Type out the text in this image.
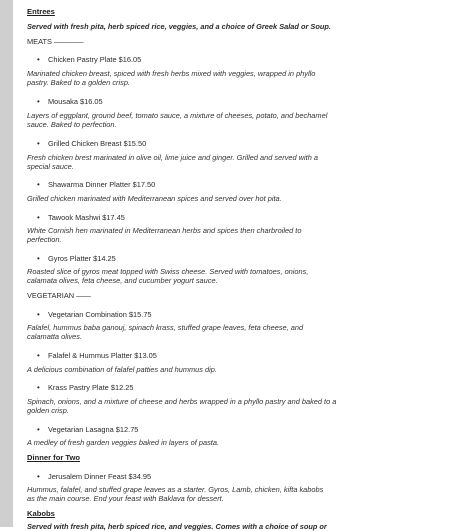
Entrees
Served with fresh pita, herb spiced rice, veggies, and a choice of Greek Salad or Soup.
MEATS ————
• Chicken Pastry Plate $16.05
Marinated chicken breast, spiced with fresh herbs mixed with veggies, wrapped in phyllo pastry. Baked to a golden crisp.
• Mousaka $16.05
Layers of eggplant, ground beef, tomato sauce, a mixture of cheeses, potato, and bechamel sauce. Baked to perfection.
• Grilled Chicken Breast $15.50
Fresh chicken brest marinated in olive oil, lime juice and ginger. Grilled and served with a special sauce.
• Shawarma Dinner Platter $17.50
Grilled chicken marinated with Mediterranean spices and served over hot pita.
• Tawook Mashwi $17.45
White Cornish hen marinated in Mediterranean herbs and spices then charbroiled to perfection.
• Gyros Platter $14.25
Roasted slice of gyros meat topped with Swiss cheese. Served with tomatoes, onions, calamata olives, feta cheese, and cucumber yogurt sauce.
VEGETARIAN ——
• Vegetarian Combination $15.75
Falafel, hummus baba ganouj, spinach krass, stuffed grape leaves, feta cheese, and calamatta olives.
• Falafel & Hummus Platter $13.05
A delicious combination of falafel patties and hummus dip.
• Krass Pastry Plate $12.25
Spinach, onions, and a mixture of cheese and herbs wrapped in a phyllo pastry and baked to a golden crisp.
• Vegetarian Lasagna $12.75
A medley of fresh garden veggies baked in layers of pasta.
Dinner for Two
• Jerusalem Dinner Feast $34.95
Hummus, falafel, and stuffed grape leaves as a starter. Gyros, Lamb, chicken, kifta kabobs as the main course. End your feast with Baklava for dessert.
Kabobs
Served with fresh pita, herb spiced rice, and veggies. Comes with a choice of soup or
